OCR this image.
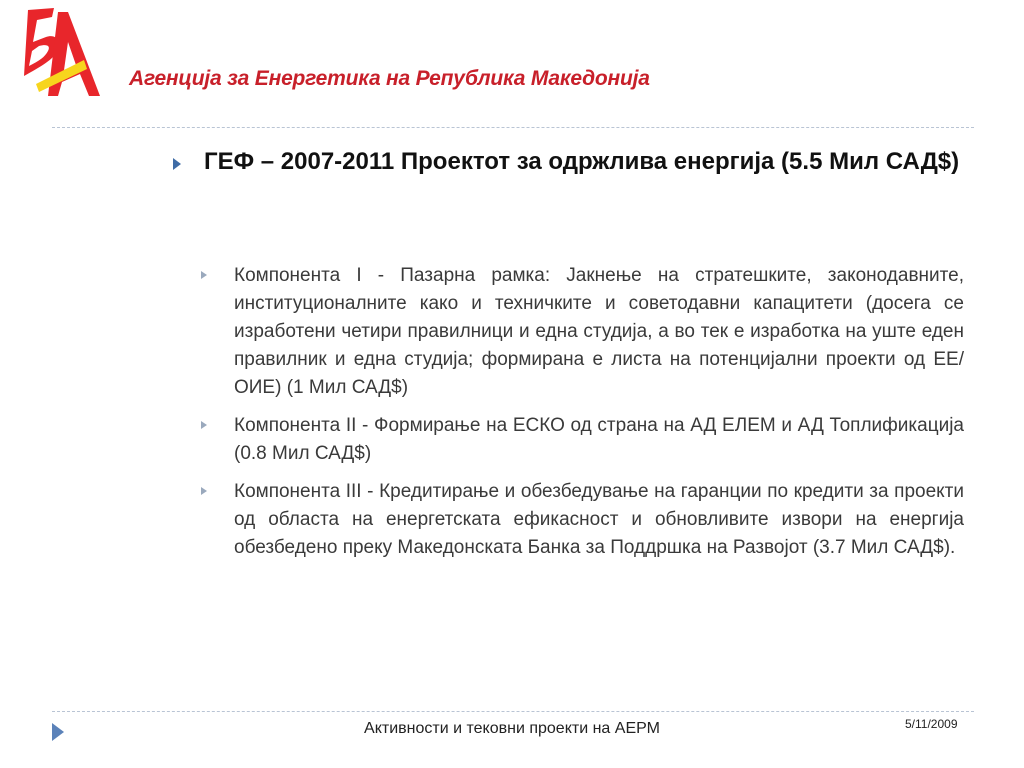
Агенција за Енергетика на Република Македонија
ГЕФ – 2007-2011 Проектот за одржлива енергија (5.5 Мил САД$)
Компонента I - Пазарна рамка: Јакнење на стратешките, законодавните, институционалните како и техничките и советодавни капацитети (досега се изработени четири правилници и една студија, а во тек е изработка на уште еден правилник и една студија; формирана е листа на потенцијални проекти од ЕЕ/ОИЕ) (1 Мил САД$)
Компонента II - Формирање на ЕСКО од страна на АД ЕЛЕМ и АД Топлификација (0.8 Мил САД$)
Компонента III - Кредитирање и обезбедување на гаранции по кредити за проекти од областа на енергетската ефикасност и обновливите извори на енергија обезбедено преку Македонската Банка за Поддршка на Развојот (3.7 Мил САД$).
Активности и тековни проекти на АЕРМ	5/11/2009
